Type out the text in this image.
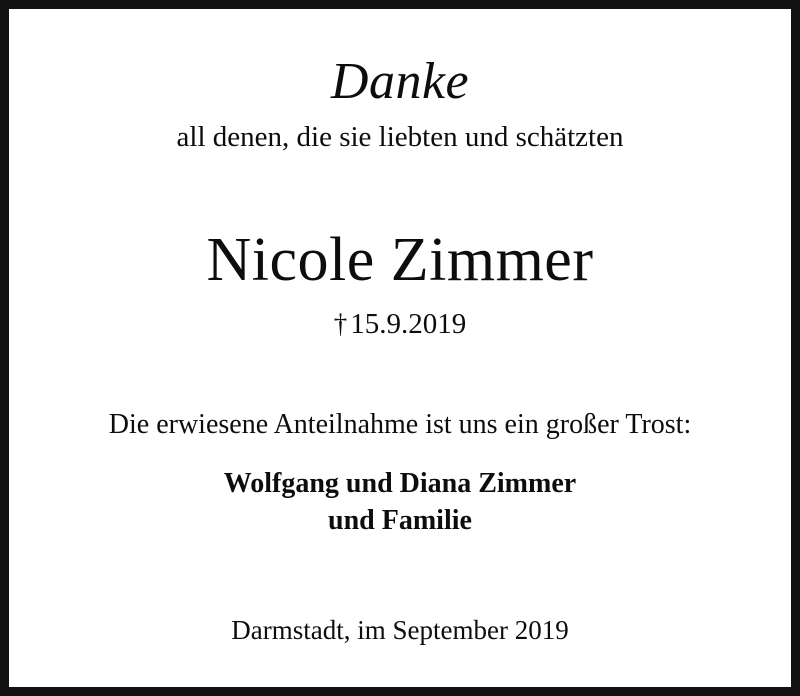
Danke
all denen, die sie liebten und schätzten
Nicole Zimmer
† 15.9.2019
Die erwiesene Anteilnahme ist uns ein großer Trost:
Wolfgang und Diana Zimmer
und Familie
Darmstadt, im September 2019
